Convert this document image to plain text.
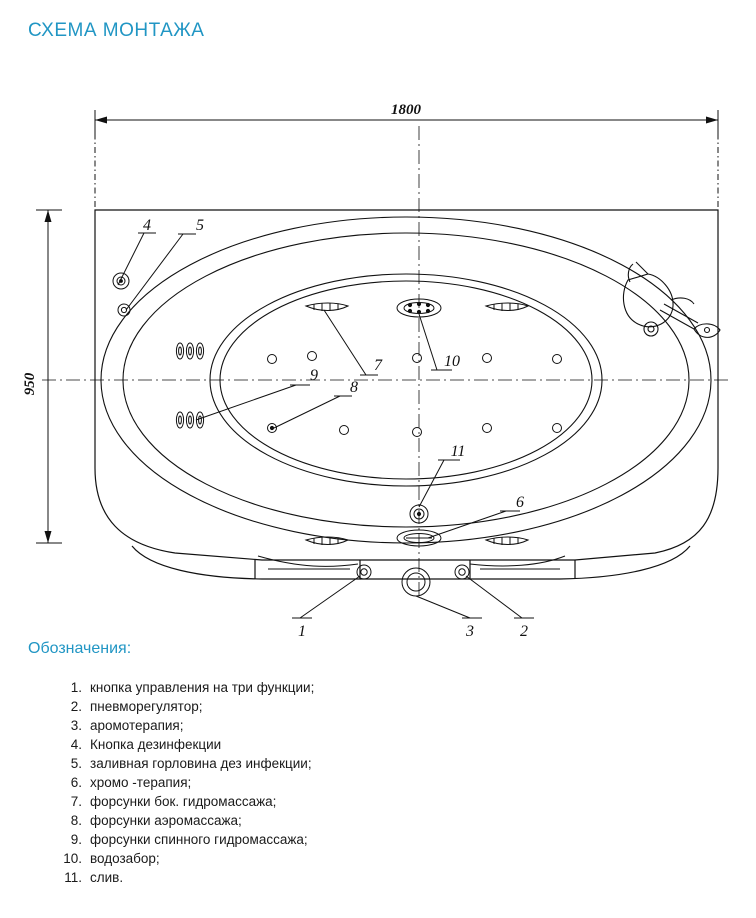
СХЕМА МОНТАЖА
1800
950
4	5
9
7	10
8
11
6
1	3	2
Обозначения:
1. кнопка управления на три функции;
2. пневморегулятор;
3. аромотерапия;
4. Кнопка дезинфекции
5. заливная горловина дез инфекции;
6. хромо -терапия;
7. форсунки бок. гидромассажа;
8. форсунки аэромассажа;
9. форсунки спинного гидромассажа;
10. водозабор;
11. слив.
